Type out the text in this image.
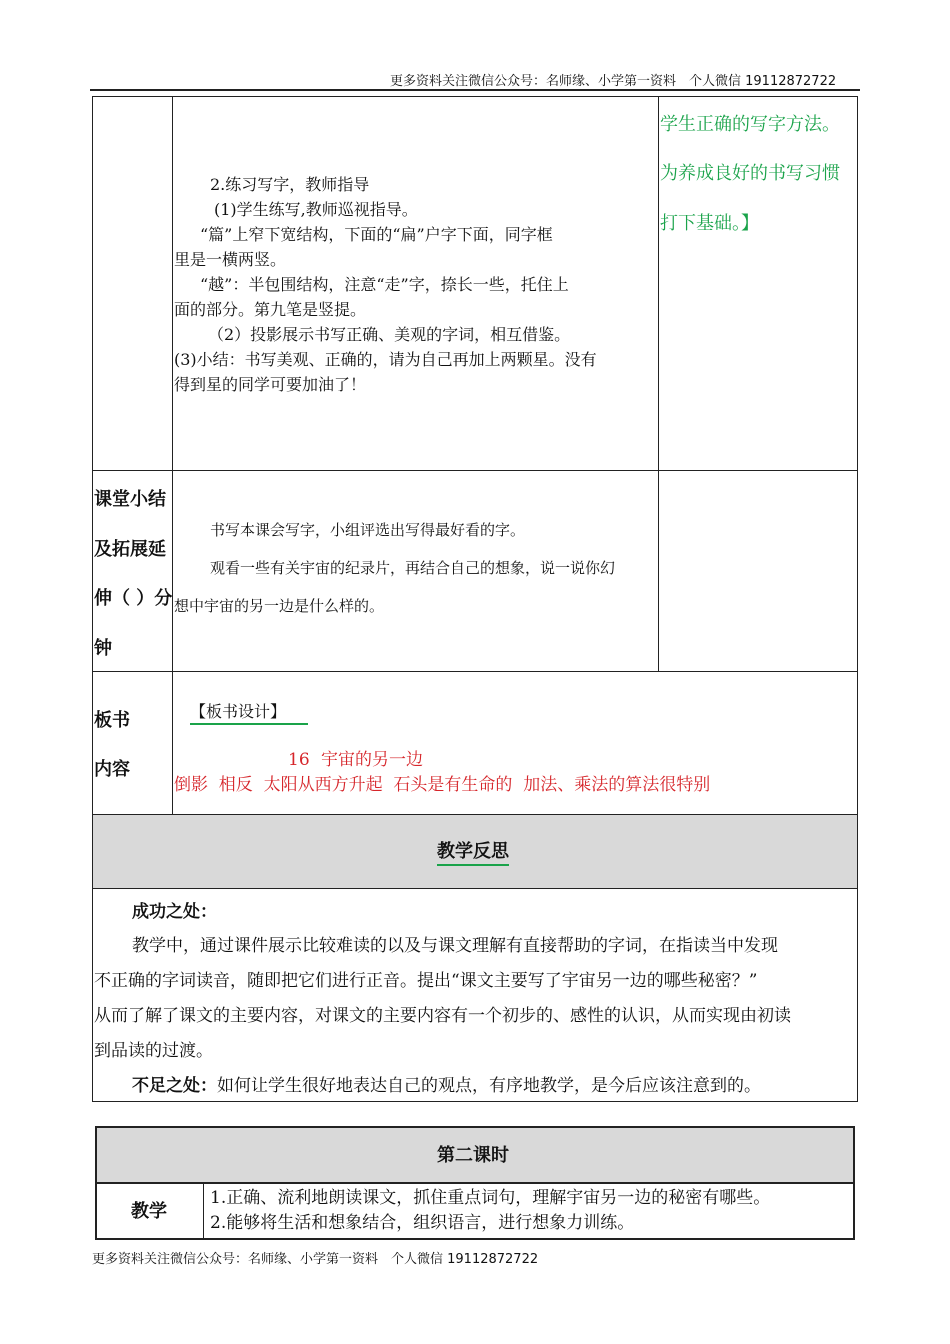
更多资料关注微信公众号：名师缘、小学第一资料　个人微信 19112872722
2.练习写字，教师指导
(1)学生练写,教师巡视指导。
“篇”上窄下宽结构，下面的“扁”户字下面，同字框
里是一横两竖。
“越”：半包围结构，注意“走”字，捺长一些，托住上
面的部分。第九笔是竖提。
（2）投影展示书写正确、美观的字词，相互借鉴。
(3)小结：书写美观、正确的，请为自己再加上两颗星。没有
得到星的同学可要加油了！
学生正确的写字方法。
为养成良好的书写习惯
打下基础。】
课堂小结
及拓展延
伸（ ）分
钟
书写本课会写字，小组评选出写得最好看的字。
观看一些有关宇宙的纪录片，再结合自己的想象，说一说你幻
想中宇宙的另一边是什么样的。
板书
内容
【板书设计】
16 宇宙的另一边
倒影  相反  太阳从西方升起  石头是有生命的  加法、乘法的算法很特别
教学反思
成功之处：
教学中，通过课件展示比较难读的以及与课文理解有直接帮助的字词，在指读当中发现
不正确的字词读音，随即把它们进行正音。提出“课文主要写了宇宙另一边的哪些秘密？”
从而了解了课文的主要内容，对课文的主要内容有一个初步的、感性的认识，从而实现由初读
到品读的过渡。
不足之处：如何让学生很好地表达自己的观点，有序地教学，是今后应该注意到的。
第二课时
教学
1.正确、流利地朗读课文，抓住重点词句，理解宇宙另一边的秘密有哪些。
2.能够将生活和想象结合，组织语言，进行想象力训练。
更多资料关注微信公众号：名师缘、小学第一资料　个人微信 19112872722
